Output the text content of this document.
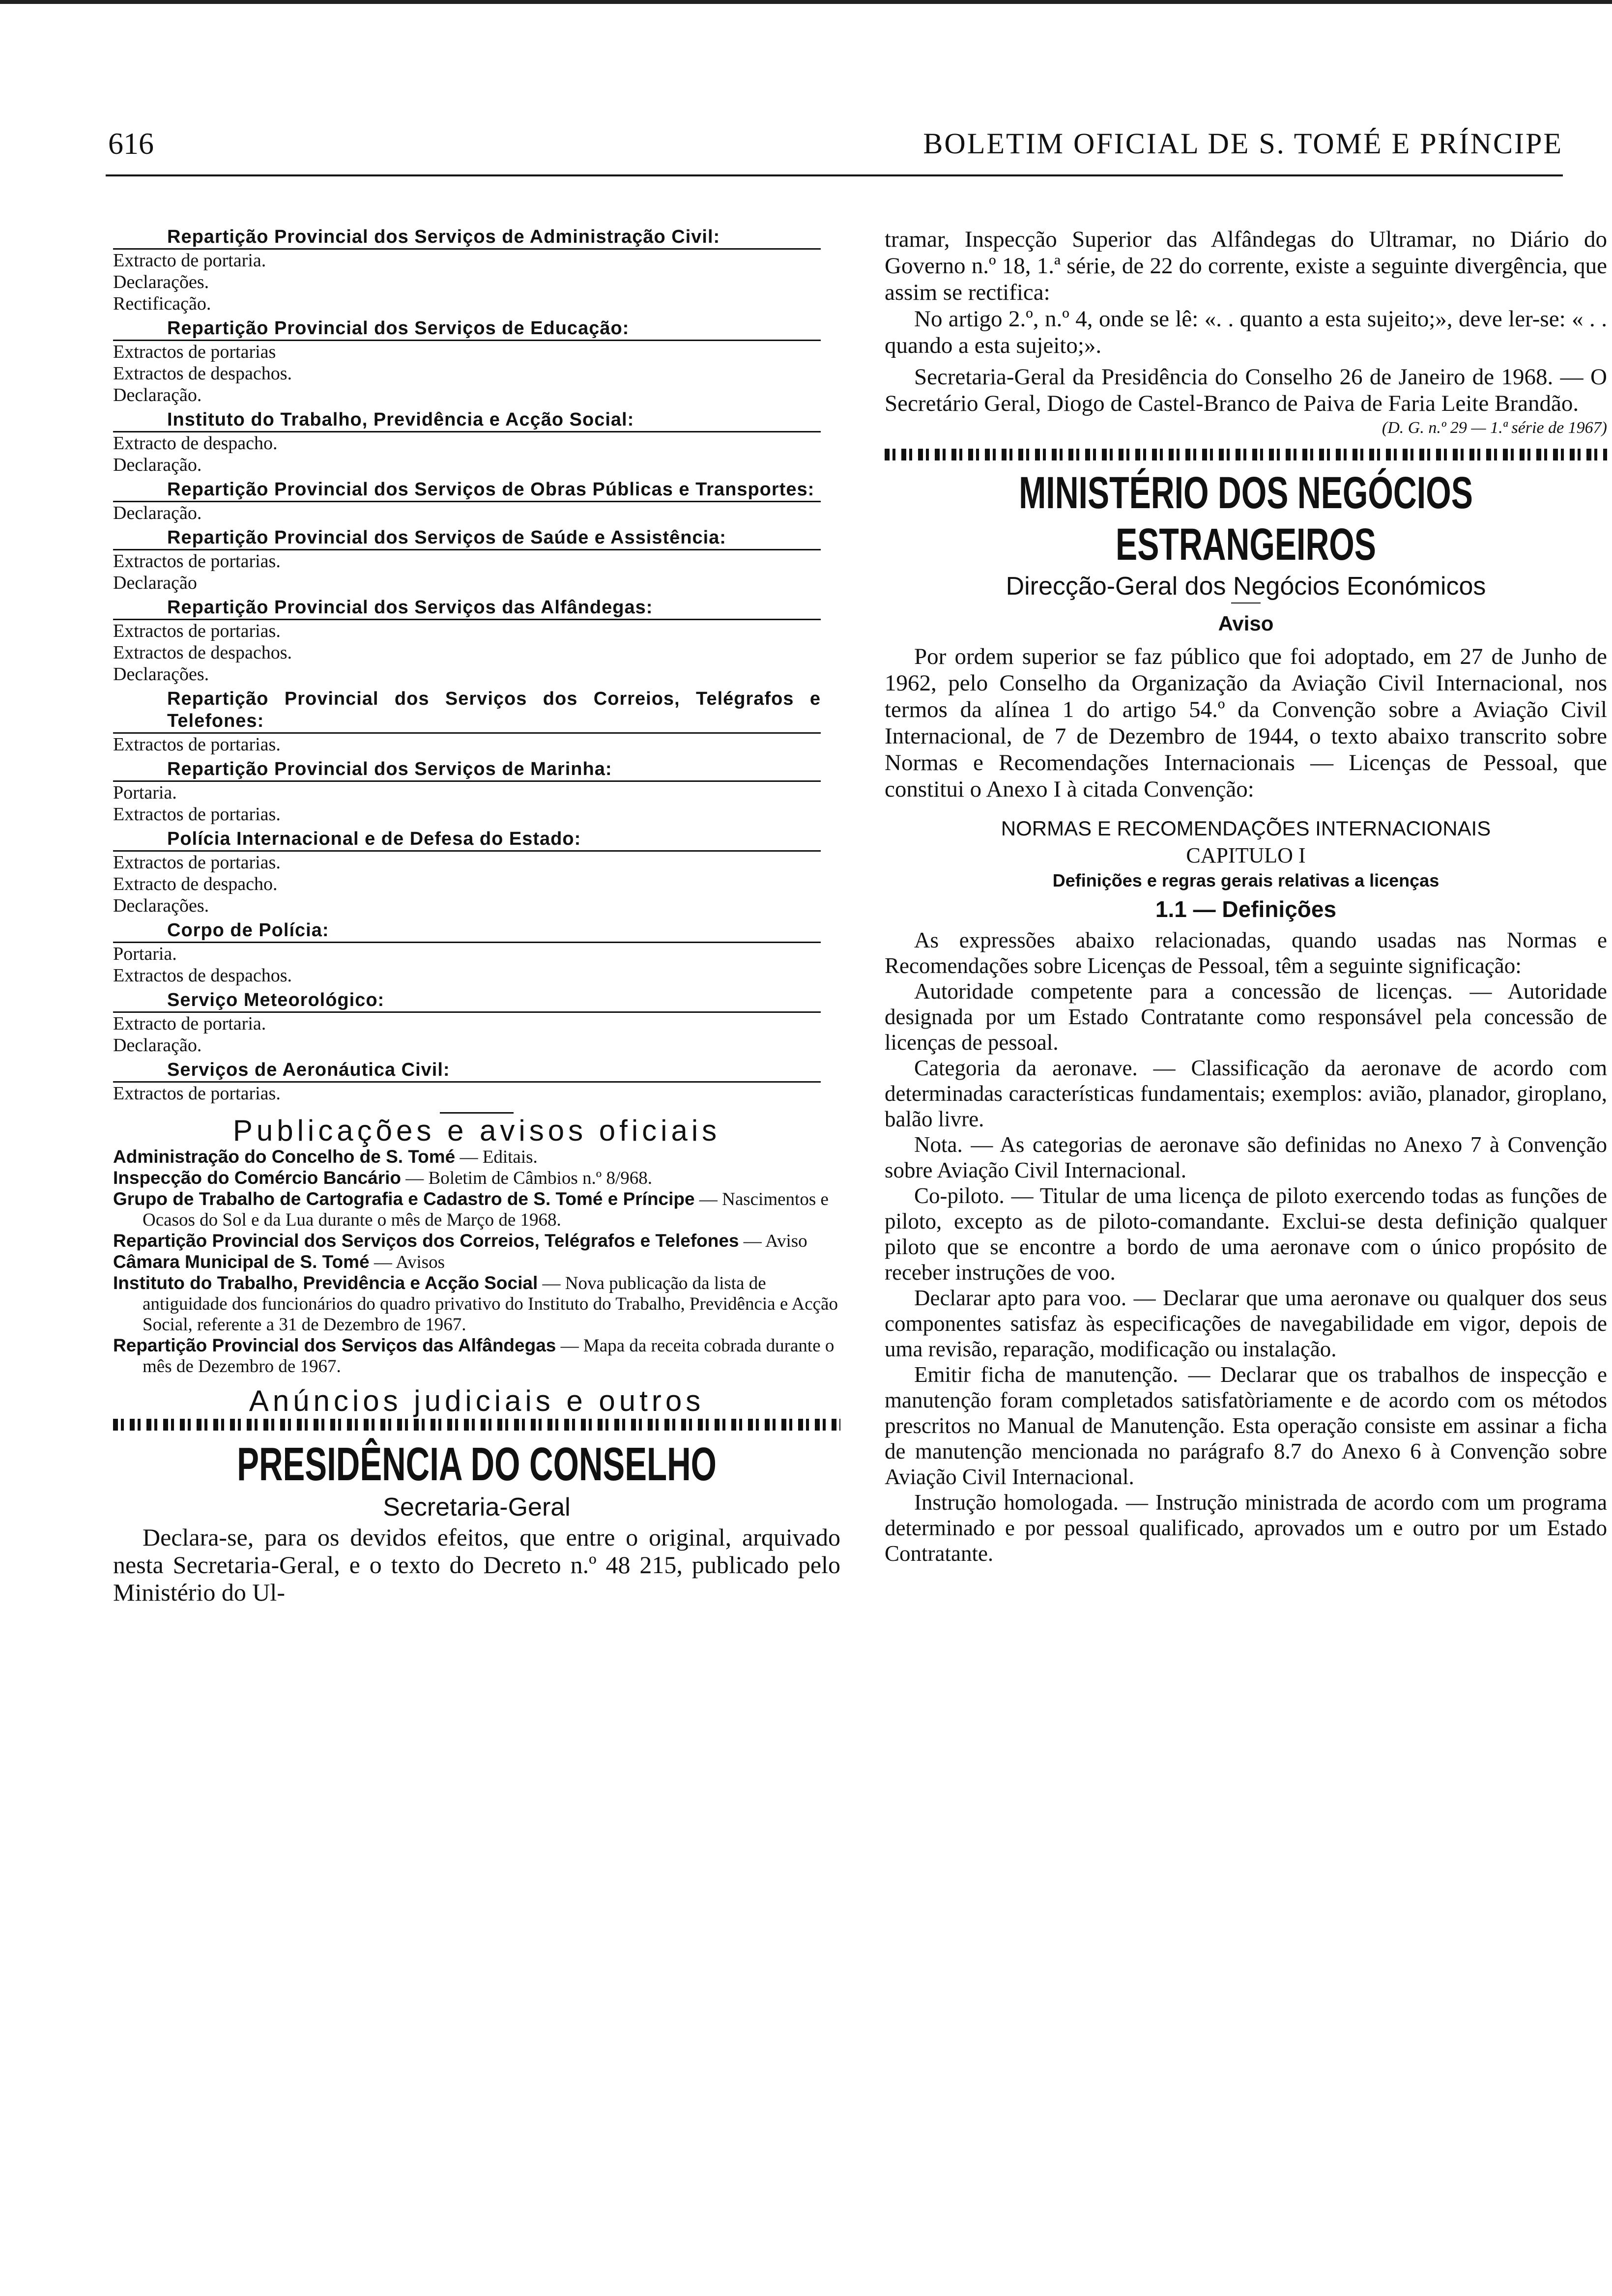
616	BOLETIM OFICIAL DE S. TOMÉ E PRÍNCIPE
Repartição Provincial dos Serviços de Administração Civil:
Extracto de portaria.
Declarações.
Rectificação.
Repartição Provincial dos Serviços de Educação:
Extractos de portarias
Extractos de despachos.
Declaração.
Instituto do Trabalho, Previdência e Acção Social:
Extracto de despacho.
Declaração.
Repartição Provincial dos Serviços de Obras Públicas e Transportes:
Declaração.
Repartição Provincial dos Serviços de Saúde e Assistência:
Extractos de portarias.
Declaração
Repartição Provincial dos Serviços das Alfândegas:
Extractos de portarias.
Extractos de despachos.
Declarações.
Repartição Provincial dos Serviços dos Correios, Telégrafos e Telefones:
Extractos de portarias.
Repartição Provincial dos Serviços de Marinha:
Portaria.
Extractos de portarias.
Polícia Internacional e de Defesa do Estado:
Extractos de portarias.
Extracto de despacho.
Declarações.
Corpo de Polícia:
Portaria.
Extractos de despachos.
Serviço Meteorológico:
Extracto de portaria.
Declaração.
Serviços de Aeronáutica Civil:
Extractos de portarias.
Publicações e avisos oficiais
Administração do Concelho de S. Tomé — Editais.
Inspecção do Comércio Bancário — Boletim de Câmbios n.º 8/968.
Grupo de Trabalho de Cartografia e Cadastro de S. Tomé e Príncipe — Nascimentos e Ocasos do Sol e da Lua durante o mês de Março de 1968.
Repartição Provincial dos Serviços dos Correios, Telégrafos e Telefones — Aviso
Câmara Municipal de S. Tomé — Avisos
Instituto do Trabalho, Previdência e Acção Social — Nova publicação da lista de antiguidade dos funcionários do quadro privativo do Instituto do Trabalho, Previdência e Acção Social, referente a 31 de Dezembro de 1967.
Repartição Provincial dos Serviços das Alfândegas — Mapa da receita cobrada durante o mês de Dezembro de 1967.
Anúncios judiciais e outros
PRESIDÊNCIA DO CONSELHO
Secretaria-Geral
Declara-se, para os devidos efeitos, que entre o original, arquivado nesta Secretaria-Geral, e o texto do Decreto n.º 48 215, publicado pelo Ministério do Ul-
tramar, Inspecção Superior das Alfândegas do Ultramar, no Diário do Governo n.º 18, 1.ª série, de 22 do corrente, existe a seguinte divergência, que assim se rectifica:
No artigo 2.º, n.º 4, onde se lê: «. . quanto a esta sujeito;», deve ler-se: « . . quando a esta sujeito;».
Secretaria-Geral da Presidência do Conselho 26 de Janeiro de 1968. — O Secretário Geral, Diogo de Castel-Branco de Paiva de Faria Leite Brandão.
(D. G. n.º 29 — 1.ª série de 1967)
MINISTÉRIO DOS NEGÓCIOS
ESTRANGEIROS
Direcção-Geral dos Negócios Económicos
Aviso
Por ordem superior se faz público que foi adoptado, em 27 de Junho de 1962, pelo Conselho da Organização da Aviação Civil Internacional, nos termos da alínea 1 do artigo 54.º da Convenção sobre a Aviação Civil Internacional, de 7 de Dezembro de 1944, o texto abaixo transcrito sobre Normas e Recomendações Internacionais — Licenças de Pessoal, que constitui o Anexo I à citada Convenção:
NORMAS E RECOMENDAÇÕES INTERNACIONAIS
CAPITULO I
Definições e regras gerais relativas a licenças
1.1 — Definições
As expressões abaixo relacionadas, quando usadas nas Normas e Recomendações sobre Licenças de Pessoal, têm a seguinte significação:
Autoridade competente para a concessão de licenças. — Autoridade designada por um Estado Contratante como responsável pela concessão de licenças de pessoal.
Categoria da aeronave. — Classificação da aeronave de acordo com determinadas características fundamentais; exemplos: avião, planador, giroplano, balão livre.
Nota. — As categorias de aeronave são definidas no Anexo 7 à Convenção sobre Aviação Civil Internacional.
Co-piloto. — Titular de uma licença de piloto exercendo todas as funções de piloto, excepto as de piloto-comandante. Exclui-se desta definição qualquer piloto que se encontre a bordo de uma aeronave com o único propósito de receber instruções de voo.
Declarar apto para voo. — Declarar que uma aeronave ou qualquer dos seus componentes satisfaz às especificações de navegabilidade em vigor, depois de uma revisão, reparação, modificação ou instalação.
Emitir ficha de manutenção. — Declarar que os trabalhos de inspecção e manutenção foram completados satisfatòriamente e de acordo com os métodos prescritos no Manual de Manutenção. Esta operação consiste em assinar a ficha de manutenção mencionada no parágrafo 8.7 do Anexo 6 à Convenção sobre Aviação Civil Internacional.
Instrução homologada. — Instrução ministrada de acordo com um programa determinado e por pessoal qualificado, aprovados um e outro por um Estado Contratante.
